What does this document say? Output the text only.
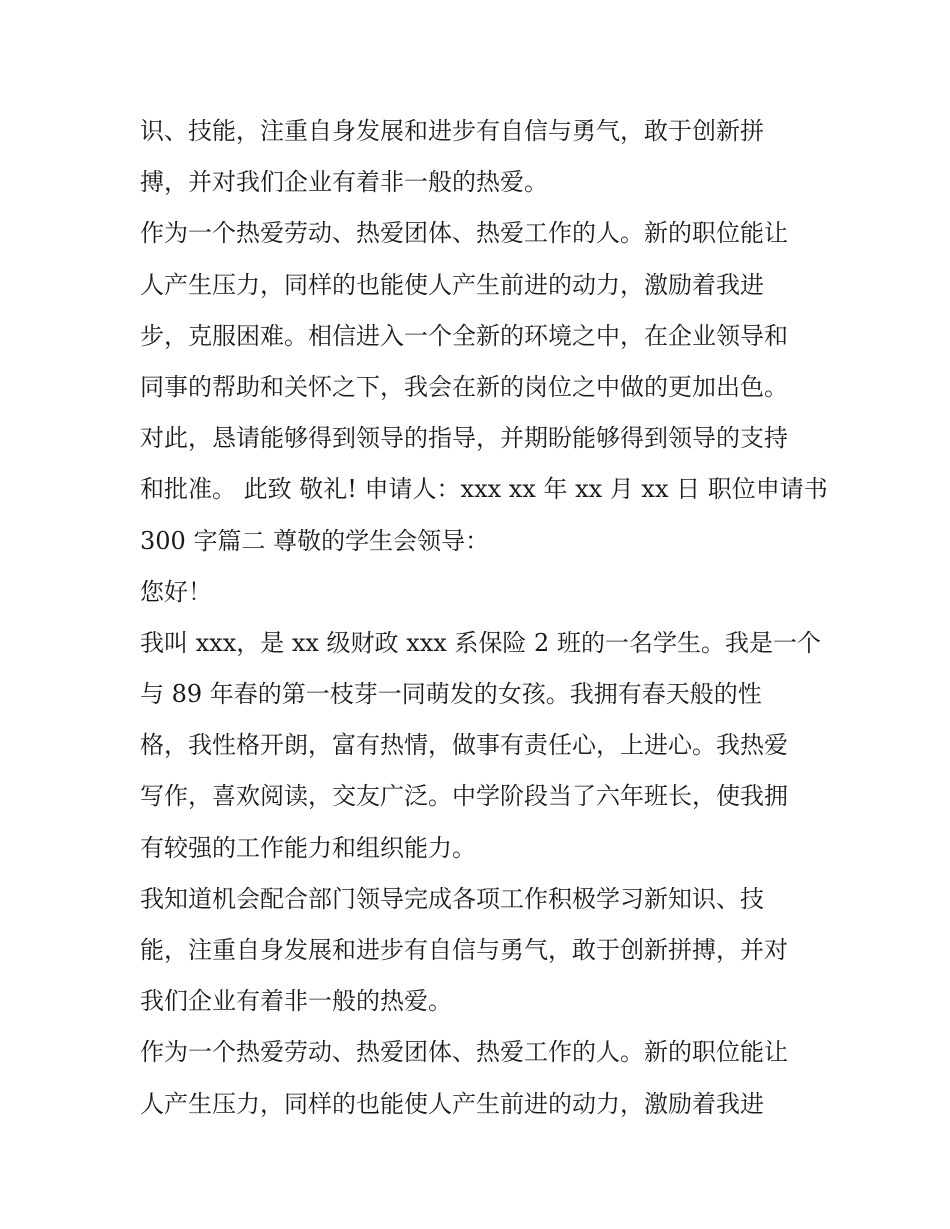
识、技能，注重自身发展和进步有自信与勇气，敢于创新拼
搏，并对我们企业有着非一般的热爱。
作为一个热爱劳动、热爱团体、热爱工作的人。新的职位能让
人产生压力，同样的也能使人产生前进的动力，激励着我进
步，克服困难。相信进入一个全新的环境之中，在企业领导和
同事的帮助和关怀之下，我会在新的岗位之中做的更加出色。
对此，恳请能够得到领导的指导，并期盼能够得到领导的支持
和批准。 此致 敬礼! 申请人：xxx xx 年 xx 月 xx 日 职位申请书
300 字篇二 尊敬的学生会领导：
您好！
我叫 xxx，是 xx 级财政 xxx 系保险 2 班的一名学生。我是一个
与 89 年春的第一枝芽一同萌发的女孩。我拥有春天般的性
格，我性格开朗，富有热情，做事有责任心，上进心。我热爱
写作，喜欢阅读，交友广泛。中学阶段当了六年班长，使我拥
有较强的工作能力和组织能力。
我知道机会配合部门领导完成各项工作积极学习新知识、技
能，注重自身发展和进步有自信与勇气，敢于创新拼搏，并对
我们企业有着非一般的热爱。
作为一个热爱劳动、热爱团体、热爱工作的人。新的职位能让
人产生压力，同样的也能使人产生前进的动力，激励着我进
